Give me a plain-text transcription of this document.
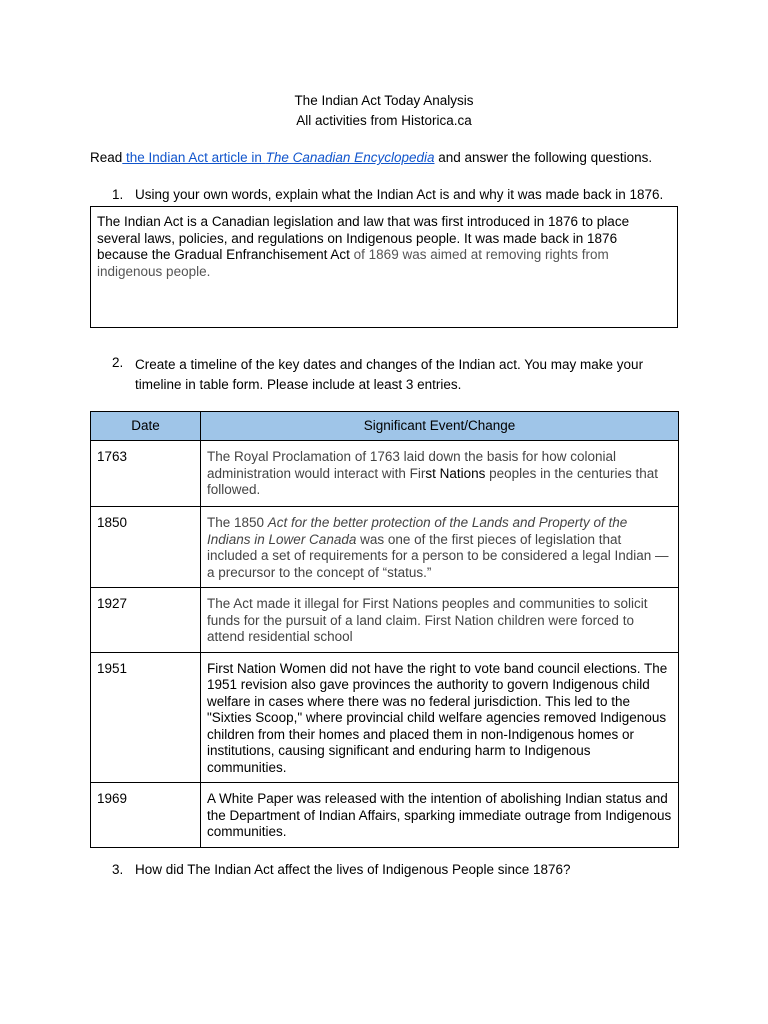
The Indian Act Today Analysis
All activities from Historica.ca
Read the Indian Act article in The Canadian Encyclopedia and answer the following questions.
1. Using your own words, explain what the Indian Act is and why it was made back in 1876.
The Indian Act is a Canadian legislation and law that was first introduced in 1876 to place several laws, policies, and regulations on Indigenous people. It was made back in 1876 because the Gradual Enfranchisement Act of 1869 was aimed at removing rights from indigenous people.
2. Create a timeline of the key dates and changes of the Indian act. You may make your timeline in table form. Please include at least 3 entries.
Date	Significant Event/Change
1763	The Royal Proclamation of 1763 laid down the basis for how colonial administration would interact with First Nations peoples in the centuries that followed.
1850	The 1850 Act for the better protection of the Lands and Property of the Indians in Lower Canada was one of the first pieces of legislation that included a set of requirements for a person to be considered a legal Indian — a precursor to the concept of “status.”
1927	The Act made it illegal for First Nations peoples and communities to solicit funds for the pursuit of a land claim. First Nation children were forced to attend residential school
1951	First Nation Women did not have the right to vote band council elections. The 1951 revision also gave provinces the authority to govern Indigenous child welfare in cases where there was no federal jurisdiction. This led to the "Sixties Scoop," where provincial child welfare agencies removed Indigenous children from their homes and placed them in non-Indigenous homes or institutions, causing significant and enduring harm to Indigenous communities.
1969	A White Paper was released with the intention of abolishing Indian status and the Department of Indian Affairs, sparking immediate outrage from Indigenous communities.
3. How did The Indian Act affect the lives of Indigenous People since 1876?
